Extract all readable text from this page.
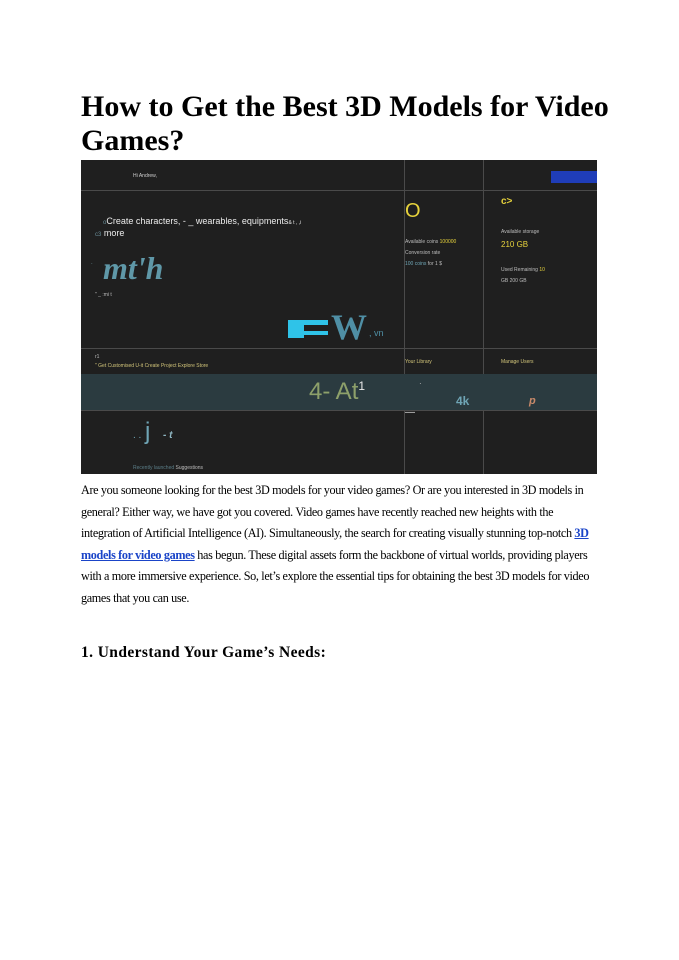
How to Get the Best 3D Models for Video Games?
Hi Andrew,
oCreate characters, - _ wearables, equipments& t , ,i
c3 more
. mt'h
" _ :mi t
W , vn
O
Available coins 100000
Conversion rate
100 coins for 1 $
c>
Available storage
210 GB
Used Remaining 10
GB 200 GB
r1
" Get Customised U-it Create Project Explore Store
Your Library	Manage Users
4- $At^1$	·
4k	p
—
. . j - t
Recently launched Suggestions

Are you someone looking for the best 3D models for your video games? Or are you interested in 3D models in general? Either way, we have got you covered. Video games have recently reached new heights with the integration of Artificial Intelligence (AI). Simultaneously, the search for creating visually stunning top-notch 3D models for video games has begun. These digital assets form the backbone of virtual worlds, providing players with a more immersive experience. So, let’s explore the essential tips for obtaining the best 3D models for video games that you can use.

1. Understand Your Game’s Needs:
